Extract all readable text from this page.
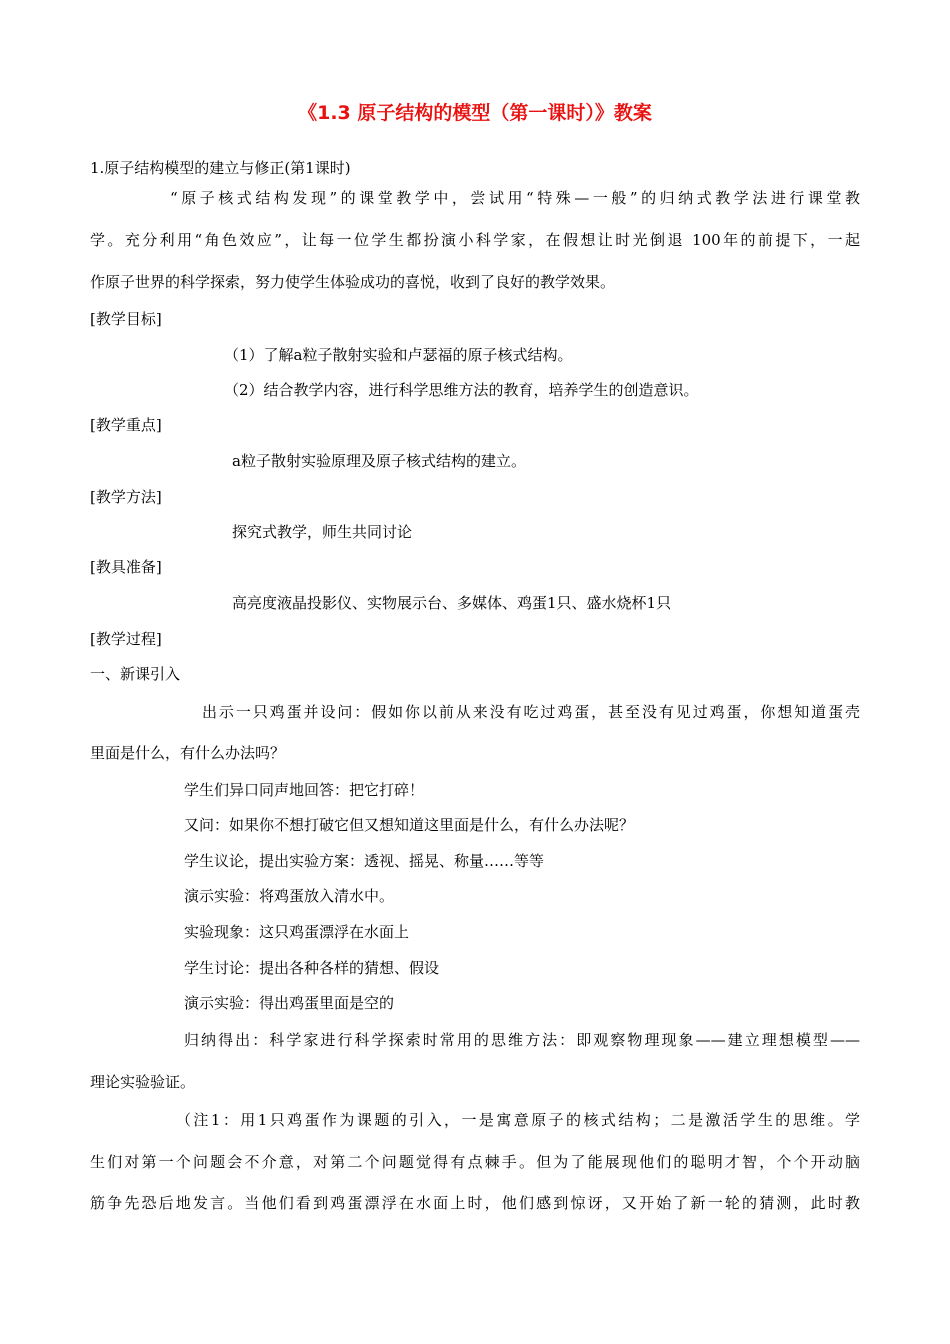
《1.3 原子结构的模型（第一课时）》教案
1.原子结构模型的建立与修正(第1课时)
“原子核式结构发现”的课堂教学中，尝试用“特殊—一般”的归纳式教学法进行课堂教
学。充分利用“角色效应”，让每一位学生都扮演小科学家，在假想让时光倒退 100年的前提下，一起
作原子世界的科学探索，努力使学生体验成功的喜悦，收到了良好的教学效果。
[教学目标]
（1）了解a粒子散射实验和卢瑟福的原子核式结构。
（2）结合教学内容，进行科学思维方法的教育，培养学生的创造意识。
[教学重点]
a粒子散射实验原理及原子核式结构的建立。
[教学方法]
探究式教学，师生共同讨论
[教具准备]
高亮度液晶投影仪、实物展示台、多媒体、鸡蛋1只、盛水烧杯1只
[教学过程]
一、新课引入
出示一只鸡蛋并设问：假如你以前从来没有吃过鸡蛋，甚至没有见过鸡蛋，你想知道蛋壳
里面是什么，有什么办法吗？
学生们异口同声地回答：把它打碎！
又问：如果你不想打破它但又想知道这里面是什么，有什么办法呢？
学生议论，提出实验方案：透视、摇晃、称量……等等
演示实验：将鸡蛋放入清水中。
实验现象：这只鸡蛋漂浮在水面上
学生讨论：提出各种各样的猜想、假设
演示实验：得出鸡蛋里面是空的
归纳得出：科学家进行科学探索时常用的思维方法：即观察物理现象——建立理想模型——
理论实验验证。
（注1：用1只鸡蛋作为课题的引入，一是寓意原子的核式结构；二是激活学生的思维。学
生们对第一个问题会不介意，对第二个问题觉得有点棘手。但为了能展现他们的聪明才智，个个开动脑
筋争先恐后地发言。当他们看到鸡蛋漂浮在水面上时，他们感到惊讶，又开始了新一轮的猜测，此时教
